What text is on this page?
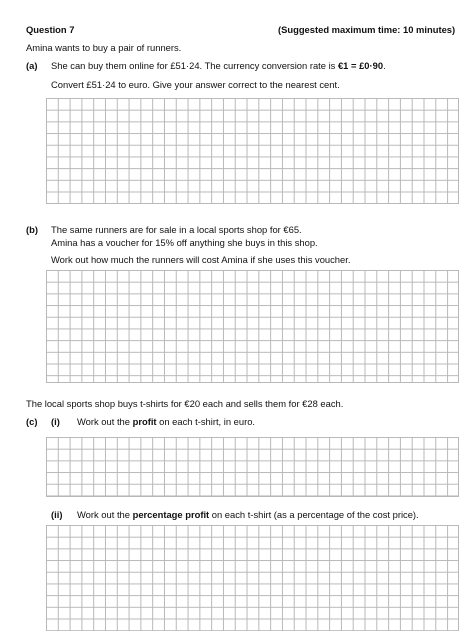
Question 7	(Suggested maximum time: 10 minutes)
Amina wants to buy a pair of runners.
(a) She can buy them online for £51·24. The currency conversion rate is €1 = £0·90.
Convert £51·24 to euro. Give your answer correct to the nearest cent.
(b) The same runners are for sale in a local sports shop for €65.
Amina has a voucher for 15% off anything she buys in this shop.
Work out how much the runners will cost Amina if she uses this voucher.
The local sports shop buys t-shirts for €20 each and sells them for €28 each.
(c) (i) Work out the profit on each t-shirt, in euro.
(ii) Work out the percentage profit on each t-shirt (as a percentage of the cost price).
